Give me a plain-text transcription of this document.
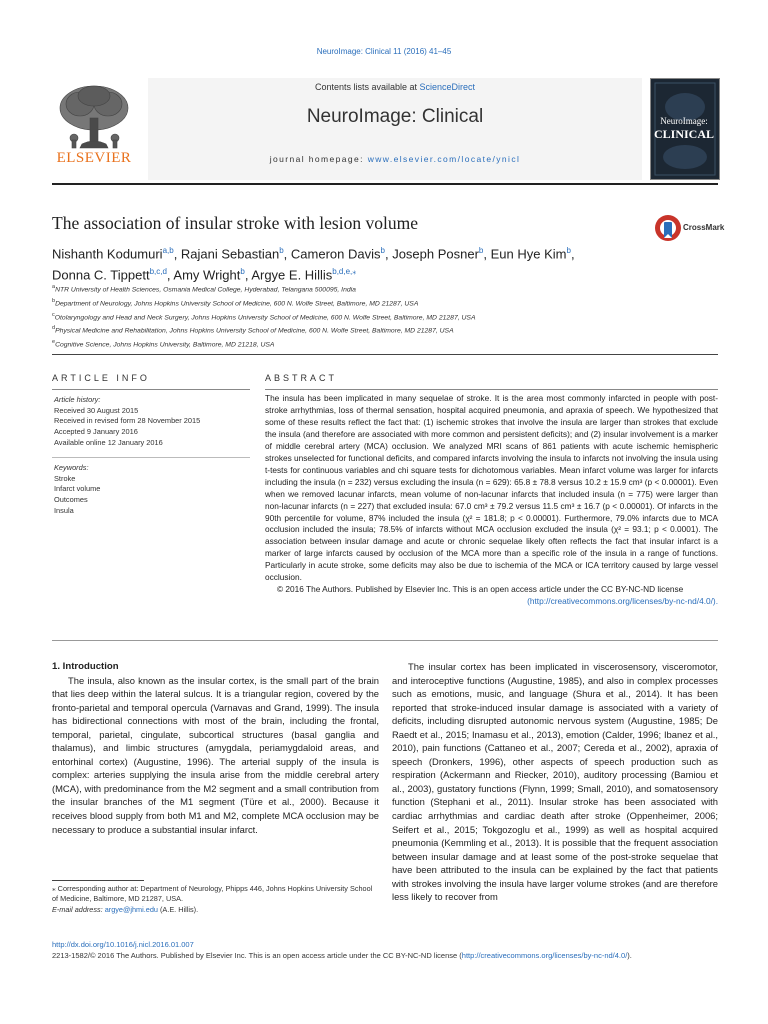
NeuroImage: Clinical 11 (2016) 41–45
Contents lists available at ScienceDirect
NeuroImage: Clinical
journal homepage: www.elsevier.com/locate/ynicl
ELSEVIER
NeuroImage:
CLINICAL
The association of insular stroke with lesion volume	CrossMark
Nishanth Kodumuri$^{a,b}$, Rajani Sebastian$^b$, Cameron Davis$^b$, Joseph Posner$^b$, Eun Hye Kim$^b$,
Donna C. Tippett$^{b,c,d}$, Amy Wright$^b$, Argye E. Hillis$^{b,d,e,⁎}$
$^a$NTR University of Health Sciences, Osmania Medical College, Hyderabad, Telangana 500095, India
$^b$Department of Neurology, Johns Hopkins University School of Medicine, 600 N. Wolfe Street, Baltimore, MD 21287, USA
$^c$Otolaryngology and Head and Neck Surgery, Johns Hopkins University School of Medicine, 600 N. Wolfe Street, Baltimore, MD 21287, USA
$^d$Physical Medicine and Rehabilitation, Johns Hopkins University School of Medicine, 600 N. Wolfe Street, Baltimore, MD 21287, USA
$^e$Cognitive Science, Johns Hopkins University, Baltimore, MD 21218, USA
ARTICLE INFO
Article history:
Received 30 August 2015
Received in revised form 28 November 2015
Accepted 9 January 2016
Available online 12 January 2016
Keywords:
Stroke
Infarct volume
Outcomes
Insula
ABSTRACT
The insula has been implicated in many sequelae of stroke. It is the area most commonly infarcted in people with post-stroke arrhythmias, loss of thermal sensation, hospital acquired pneumonia, and apraxia of speech. We hypothesized that some of these results reflect the fact that: (1) ischemic strokes that involve the insula are larger than strokes that exclude the insula (and therefore are associated with more common and persistent deficits); and (2) insular involvement is a marker of middle cerebral artery (MCA) occlusion. We analyzed MRI scans of 861 patients with acute ischemic hemispheric strokes unselected for functional deficits, and compared infarcts involving the insula to infarcts not involving the insula using t-tests for continuous variables and chi square tests for dichotomous variables. Mean infarct volume was larger for infarcts including the insula (n = 232) versus excluding the insula (n = 629): 65.8 ± 78.8 versus 10.2 ± 15.9 cm³ (p < 0.00001). Even when we removed lacunar infarcts, mean volume of non-lacunar infarcts that included insula (n = 775) were larger than non-lacunar infarcts (n = 227) that excluded insula: 67.0 cm³ ± 79.2 versus 11.5 cm³ ± 16.7 (p < 0.00001). Of infarcts in the 90th percentile for volume, 87% included the insula (χ² = 181.8; p < 0.00001). Furthermore, 79.0% infarcts due to MCA occlusion included the insula; 78.5% of infarcts without MCA occlusion excluded the insula (χ² = 93.1; p < 0.0001). The association between insular damage and acute or chronic sequelae likely often reflects the fact that insular infarct is a marker of large infarcts caused by occlusion of the MCA more than a specific role of the insula in a range of functions. Particularly in acute stroke, some deficits may also be due to ischemia of the MCA or ICA territory caused by large vessel occlusion.
© 2016 The Authors. Published by Elsevier Inc. This is an open access article under the CC BY-NC-ND license
(http://creativecommons.org/licenses/by-nc-nd/4.0/).

1. Introduction

The insula, also known as the insular cortex, is the small part of the brain that lies deep within the lateral sulcus. It is a triangular region, covered by the fronto-parietal and temporal opercula (Varnavas and Grand, 1999). The insula has bidirectional connections with most of the brain, including the frontal, temporal, parietal, cingulate, subcortical structures (basal ganglia and thalamus), and limbic structures (amygdala, periamygdaloid areas, and entorhinal cortex) (Augustine, 1996). The arterial supply of the insula is complex: arteries supplying the insula arise from the middle cerebral artery (MCA), with predominance from the M2 segment and a small contribution from the insular branches of the M1 segment (Türe et al., 2000). Because it receives blood supply from both M1 and M2, complete MCA occlusion may be necessary to produce a substantial insular infarct.

The insular cortex has been implicated in viscerosensory, visceromotor, and interoceptive functions (Augustine, 1985), and also in complex processes such as emotions, music, and language (Shura et al., 2014). It has been reported that stroke-induced insular damage is associated with a variety of deficits, including disrupted autonomic nervous system (Augustine, 1985; De Raedt et al., 2015; Inamasu et al., 2013), emotion (Calder, 1996; Ibanez et al., 2010), pain functions (Cattaneo et al., 2007; Cereda et al., 2002), apraxia of speech (Dronkers, 1996), other aspects of speech production such as respiration (Ackermann and Riecker, 2010), auditory processing (Bamiou et al., 2003), gustatory functions (Flynn, 1999; Small, 2010), and somatosensory function (Stephani et al., 2011). Insular stroke has been associated with cardiac arrhythmias and cardiac death after stroke (Oppenheimer, 2006; Seifert et al., 2015; Tokgozoglu et al., 1999) as well as hospital acquired pneumonia (Kemmling et al., 2013). It is possible that the frequent association between insular damage and at least some of the post-stroke sequelae that have been attributed to the insula can be explained by the fact that patients with strokes involving the insula have larger volume strokes (and are therefore less likely to recover from

⁎ Corresponding author at: Department of Neurology, Phipps 446, Johns Hopkins University School of Medicine, Baltimore, MD 21287, USA.
E-mail address: argye@jhmi.edu (A.E. Hillis).
http://dx.doi.org/10.1016/j.nicl.2016.01.007
2213-1582/© 2016 The Authors. Published by Elsevier Inc. This is an open access article under the CC BY-NC-ND license (http://creativecommons.org/licenses/by-nc-nd/4.0/).
